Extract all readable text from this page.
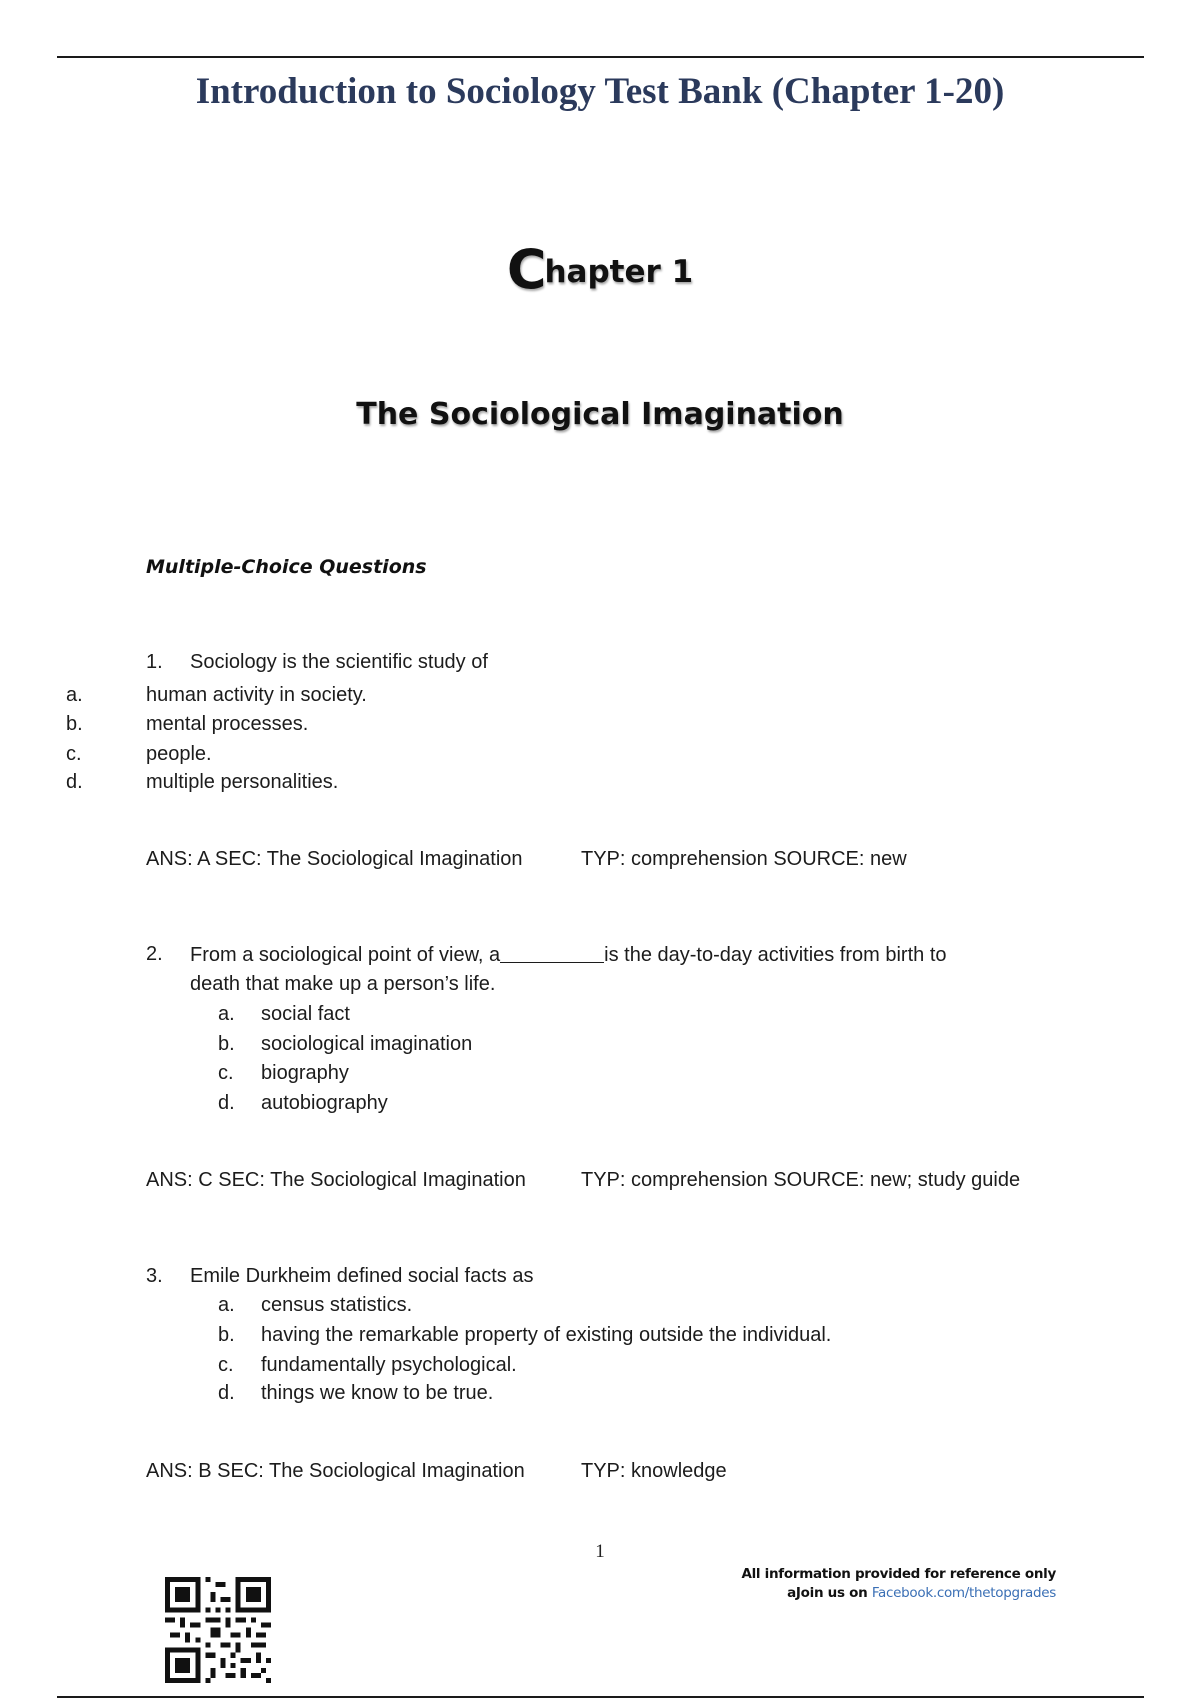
Introduction to Sociology Test Bank (Chapter 1-20)
Chapter 1
The Sociological Imagination
Multiple-Choice Questions
1. Sociology is the scientific study of
a.	human activity in society.
b.	mental processes.
c.	people.
d.	multiple personalities.
ANS: A SEC: The Sociological Imagination	TYP: comprehension SOURCE: new
2. From a sociological point of view, a	is the day-to-day activities from birth to
death that make up a person’s life.
a. social fact
b. sociological imagination
c. biography
d. autobiography
ANS: C SEC: The Sociological Imagination	TYP: comprehension SOURCE: new; study guide
3. Emile Durkheim defined social facts as
a. census statistics.
b. having the remarkable property of existing outside the individual.
c. fundamentally psychological.
d. things we know to be true.
ANS: B SEC: The Sociological Imagination	TYP: knowledge
1
All information provided for reference only
aJoin us on Facebook.com/thetopgrades
